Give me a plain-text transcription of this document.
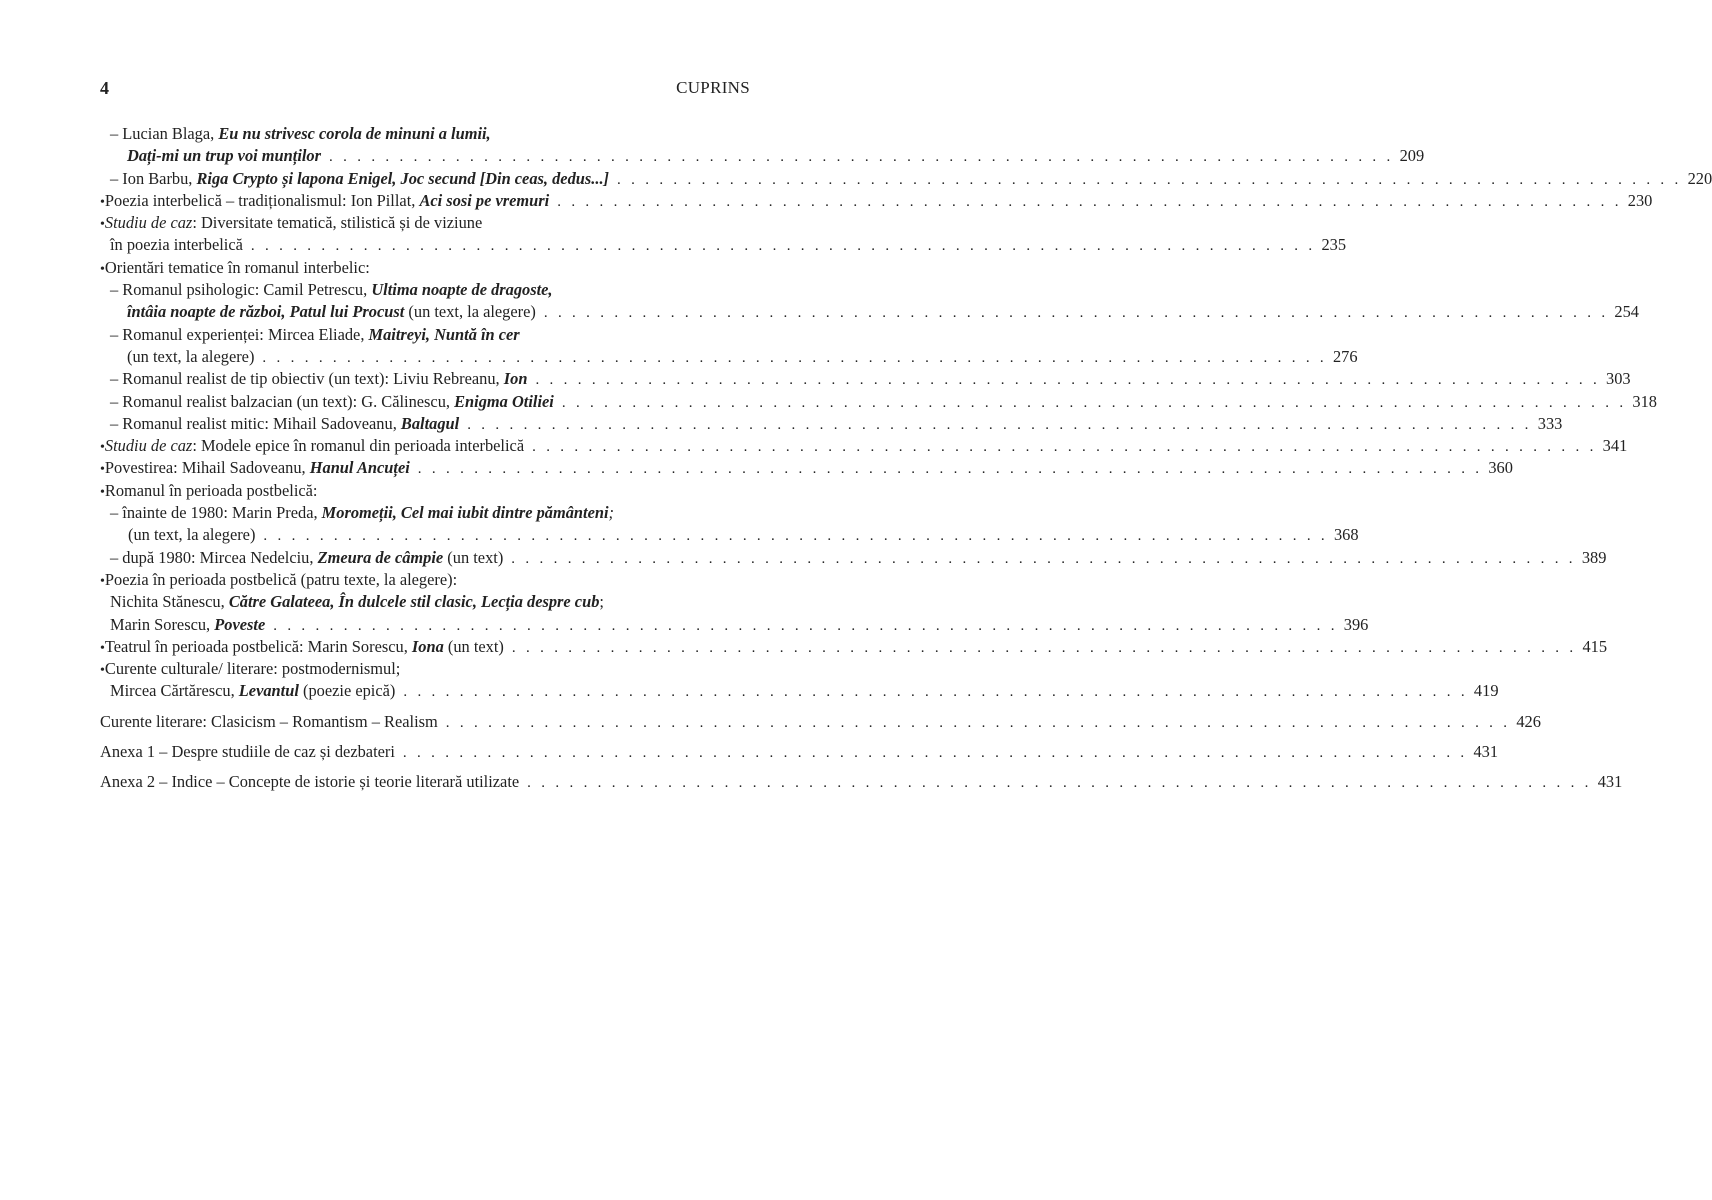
4	CUPRINS
– Lucian Blaga, Eu nu strivesc corola de minuni a lumii,
Dați-mi un trup voi munților . . . . . . . . . . . . . . . . . . . . . . . . . . . . . . . . . . . . . . . . . . . . . . . . . . . . . . . . . . . . . . . . . . . . . . . . . . . . 209
– Ion Barbu, Riga Crypto și lapona Enigel, Joc secund [Din ceas, dedus...] . . . . . . . . . . . . . . . . . . . . . . . . . . . . . . . . . . . . . . . . . . . . . . . . . . . . . . . . . . . . . . . . . . . . . . . . . . . . 220
• Poezia interbelică – tradiționalismul: Ion Pillat, Aci sosi pe vremuri . . . . . . . . . . . . . . . . . . . . . . . . . . . . . . . . . . . . . . . . . . . . . . . . . . . . . . . . . . . . . . . . . . . . . . . . . . . . 230
• Studiu de caz : Diversitate tematică, stilistică și de viziune
în poezia interbelică . . . . . . . . . . . . . . . . . . . . . . . . . . . . . . . . . . . . . . . . . . . . . . . . . . . . . . . . . . . . . . . . . . . . . . . . . . . . 235
• Orientări tematice în romanul interbelic:
– Romanul psihologic: Camil Petrescu, Ultima noapte de dragoste,
întâia noapte de război , Patul lui Procust (un text, la alegere) . . . . . . . . . . . . . . . . . . . . . . . . . . . . . . . . . . . . . . . . . . . . . . . . . . . . . . . . . . . . . . . . . . . . . . . . . . . . 254
– Romanul experienței: Mircea Eliade, Maitreyi , Nuntă în cer
(un text, la alegere) . . . . . . . . . . . . . . . . . . . . . . . . . . . . . . . . . . . . . . . . . . . . . . . . . . . . . . . . . . . . . . . . . . . . . . . . . . . . 276
– Romanul realist de tip obiectiv (un text): Liviu Rebreanu, Ion . . . . . . . . . . . . . . . . . . . . . . . . . . . . . . . . . . . . . . . . . . . . . . . . . . . . . . . . . . . . . . . . . . . . . . . . . . . . 303
– Romanul realist balzacian (un text): G. Călinescu, Enigma Otiliei . . . . . . . . . . . . . . . . . . . . . . . . . . . . . . . . . . . . . . . . . . . . . . . . . . . . . . . . . . . . . . . . . . . . . . . . . . . . 318
– Romanul realist mitic: Mihail Sadoveanu, Baltagul . . . . . . . . . . . . . . . . . . . . . . . . . . . . . . . . . . . . . . . . . . . . . . . . . . . . . . . . . . . . . . . . . . . . . . . . . . . . 333
• Studiu de caz : Modele epice în romanul din perioada interbelică . . . . . . . . . . . . . . . . . . . . . . . . . . . . . . . . . . . . . . . . . . . . . . . . . . . . . . . . . . . . . . . . . . . . . . . . . . . . 341
• Povestirea: Mihail Sadoveanu, Hanul Ancuței . . . . . . . . . . . . . . . . . . . . . . . . . . . . . . . . . . . . . . . . . . . . . . . . . . . . . . . . . . . . . . . . . . . . . . . . . . . . 360
• Romanul în perioada postbelică:
– înainte de 1980: Marin Preda, Moromeții, Cel mai iubit dintre pământeni ;
(un text, la alegere) . . . . . . . . . . . . . . . . . . . . . . . . . . . . . . . . . . . . . . . . . . . . . . . . . . . . . . . . . . . . . . . . . . . . . . . . . . . . 368
– după 1980: Mircea Nedelciu, Zmeura de câmpie (un text) . . . . . . . . . . . . . . . . . . . . . . . . . . . . . . . . . . . . . . . . . . . . . . . . . . . . . . . . . . . . . . . . . . . . . . . . . . . . 389
• Poezia în perioada postbelică (patru texte, la alegere):
Nichita Stănescu, Către Galateea , În dulcele stil clasic , Lecția despre cub ;
Marin Sorescu, Poveste . . . . . . . . . . . . . . . . . . . . . . . . . . . . . . . . . . . . . . . . . . . . . . . . . . . . . . . . . . . . . . . . . . . . . . . . . . . . 396
• Teatrul în perioada postbelică: Marin Sorescu, Iona (un text) . . . . . . . . . . . . . . . . . . . . . . . . . . . . . . . . . . . . . . . . . . . . . . . . . . . . . . . . . . . . . . . . . . . . . . . . . . . . 415
• Curente culturale/ literare: postmodernismul;
Mircea Cărtărescu, Levantul (poezie epică) . . . . . . . . . . . . . . . . . . . . . . . . . . . . . . . . . . . . . . . . . . . . . . . . . . . . . . . . . . . . . . . . . . . . . . . . . . . . 419
Curente literare: Clasicism – Romantism – Realism . . . . . . . . . . . . . . . . . . . . . . . . . . . . . . . . . . . . . . . . . . . . . . . . . . . . . . . . . . . . . . . . . . . . . . . . . . . . 426
Anexa 1 – Despre studiile de caz și dezbateri . . . . . . . . . . . . . . . . . . . . . . . . . . . . . . . . . . . . . . . . . . . . . . . . . . . . . . . . . . . . . . . . . . . . . . . . . . . . 431
Anexa 2 – Indice – Concepte de istorie și teorie literară utilizate . . . . . . . . . . . . . . . . . . . . . . . . . . . . . . . . . . . . . . . . . . . . . . . . . . . . . . . . . . . . . . . . . . . . . . . . . . . . 431
